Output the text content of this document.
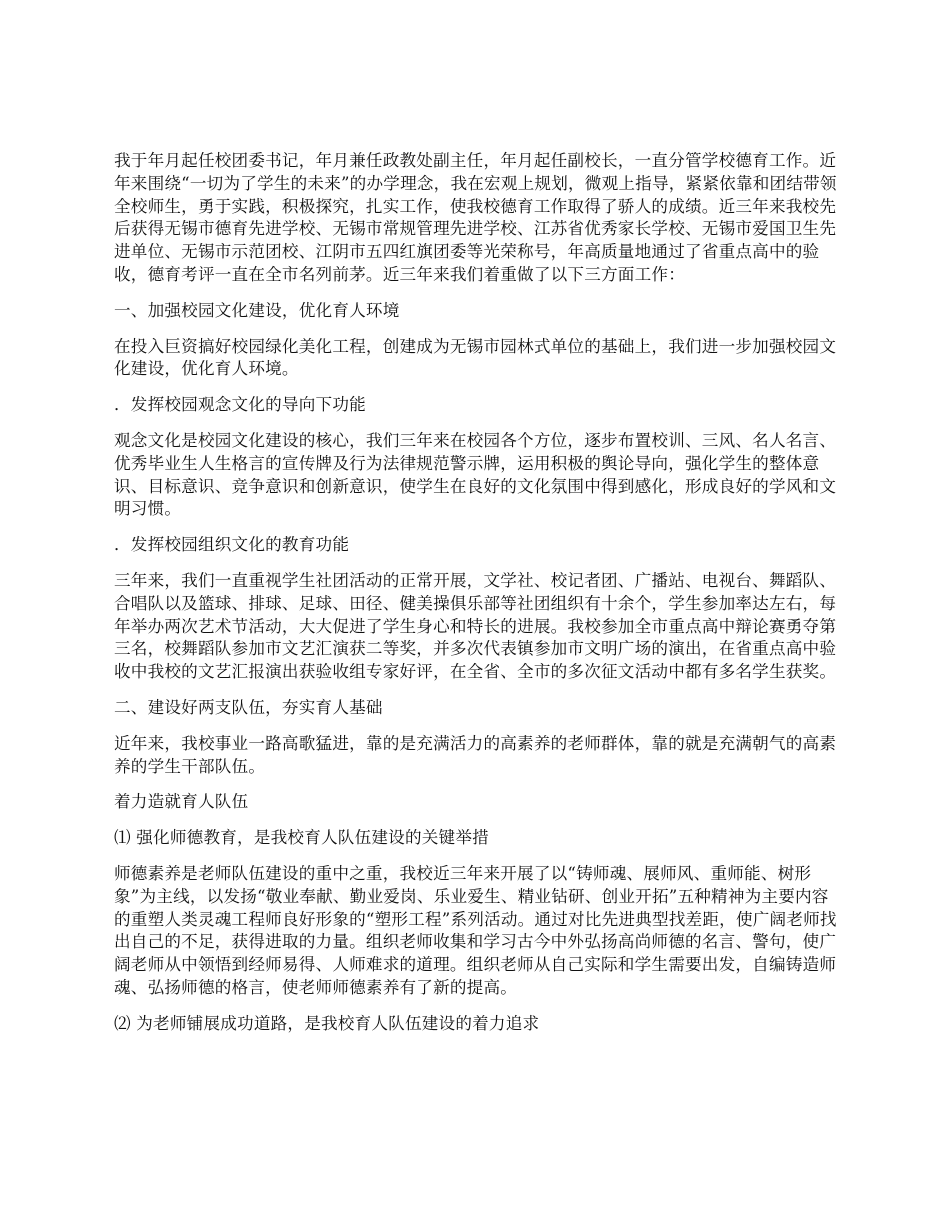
我于年月起任校团委书记，年月兼任政教处副主任，年月起任副校长，一直分管学校德育工作。近年来围绕“一切为了学生的未来”的办学理念，我在宏观上规划，微观上指导，紧紧依靠和团结带领全校师生，勇于实践，积极探究，扎实工作，使我校德育工作取得了骄人的成绩。近三年来我校先后获得无锡市德育先进学校、无锡市常规管理先进学校、江苏省优秀家长学校、无锡市爱国卫生先进单位、无锡市示范团校、江阴市五四红旗团委等光荣称号，年高质量地通过了省重点高中的验收，德育考评一直在全市名列前茅。近三年来我们着重做了以下三方面工作：

一、加强校园文化建设，优化育人环境

在投入巨资搞好校园绿化美化工程，创建成为无锡市园林式单位的基础上，我们进一步加强校园文化建设，优化育人环境。

．发挥校园观念文化的导向下功能

观念文化是校园文化建设的核心，我们三年来在校园各个方位，逐步布置校训、三风、名人名言、优秀毕业生人生格言的宣传牌及行为法律规范警示牌，运用积极的舆论导向，强化学生的整体意识、目标意识、竞争意识和创新意识，使学生在良好的文化氛围中得到感化，形成良好的学风和文明习惯。

．发挥校园组织文化的教育功能

三年来，我们一直重视学生社团活动的正常开展，文学社、校记者团、广播站、电视台、舞蹈队、合唱队以及篮球、排球、足球、田径、健美操俱乐部等社团组织有十余个，学生参加率达左右，每年举办两次艺术节活动，大大促进了学生身心和特长的进展。我校参加全市重点高中辩论赛勇夺第三名，校舞蹈队参加市文艺汇演获二等奖，并多次代表镇参加市文明广场的演出，在省重点高中验收中我校的文艺汇报演出获验收组专家好评，在全省、全市的多次征文活动中都有多名学生获奖。

二、建设好两支队伍，夯实育人基础

近年来，我校事业一路高歌猛进，靠的是充满活力的高素养的老师群体，靠的就是充满朝气的高素养的学生干部队伍。

着力造就育人队伍

⑴ 强化师德教育，是我校育人队伍建设的关键举措

师德素养是老师队伍建设的重中之重，我校近三年来开展了以“铸师魂、展师风、重师能、树形象”为主线，以发扬“敬业奉献、勤业爱岗、乐业爱生、精业钻研、创业开拓”五种精神为主要内容的重塑人类灵魂工程师良好形象的“塑形工程”系列活动。通过对比先进典型找差距，使广阔老师找出自己的不足，获得进取的力量。组织老师收集和学习古今中外弘扬高尚师德的名言、警句，使广阔老师从中领悟到经师易得、人师难求的道理。组织老师从自己实际和学生需要出发，自编铸造师魂、弘扬师德的格言，使老师师德素养有了新的提高。

⑵ 为老师铺展成功道路，是我校育人队伍建设的着力追求
